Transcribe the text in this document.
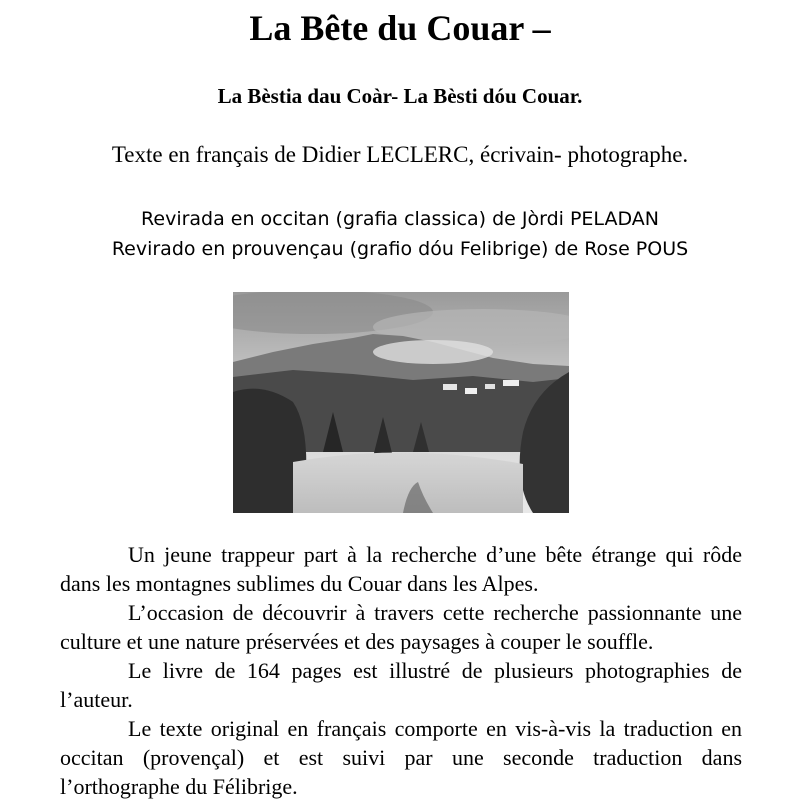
La Bête du Couar –
La Bèstia dau Coàr- La Bèsti dóu Couar.
Texte en français de Didier LECLERC, écrivain- photographe.
Revirada en occitan (grafia classica) de Jòrdi PELADAN
Revirado en prouvençau (grafio dóu Felibrige) de Rose POUS

Un jeune trappeur part à la recherche d’une bête étrange qui rôde dans les montagnes sublimes du Couar dans les Alpes.

L’occasion de découvrir à travers cette recherche passionnante une culture et une nature préservées et des paysages à couper le souffle.

Le livre de 164 pages est illustré de plusieurs photographies de l’auteur.

Le texte original en français comporte en vis-à-vis la traduction en occitan (provençal) et est suivi par une seconde traduction dans l’orthographe du Félibrige.
